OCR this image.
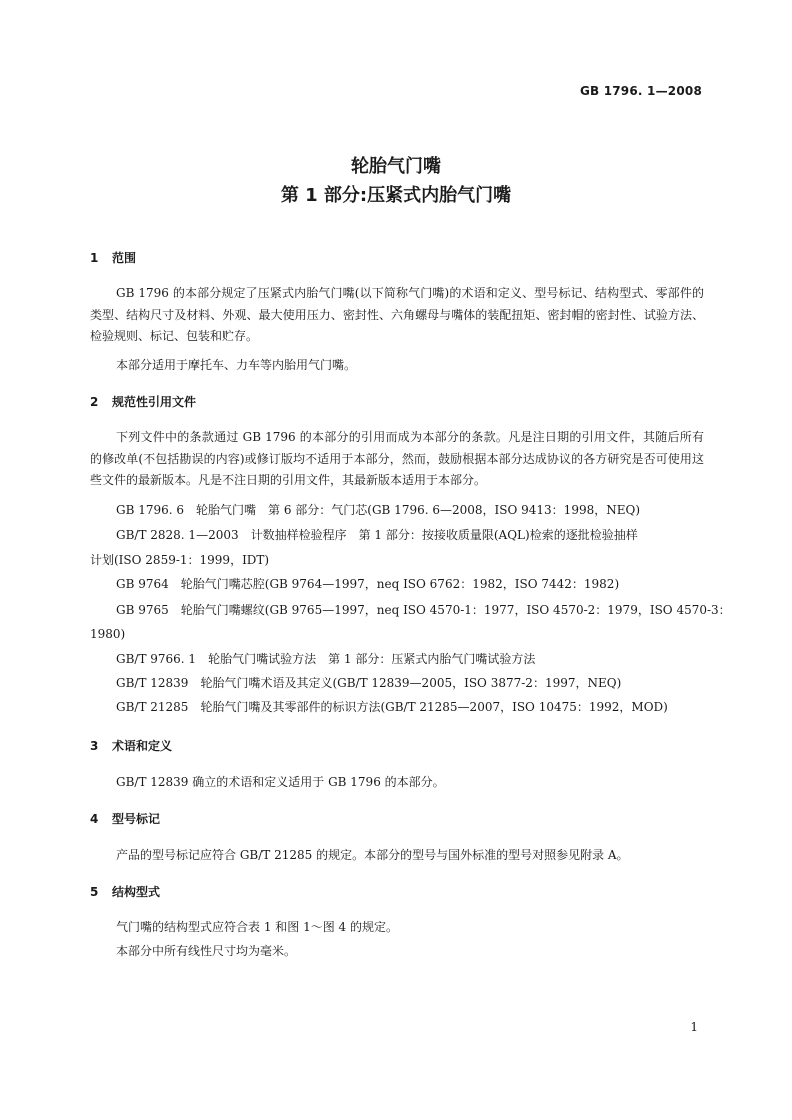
GB 1796. 1—2008
轮胎气门嘴
第 1 部分:压紧式内胎气门嘴
1 范围

GB 1796 的本部分规定了压紧式内胎气门嘴(以下简称气门嘴)的术语和定义、型号标记、结构型式、零部件的类型、结构尺寸及材料、外观、最大使用压力、密封性、六角螺母与嘴体的装配扭矩、密封帽的密封性、试验方法、检验规则、标记、包装和贮存。

本部分适用于摩托车、力车等内胎用气门嘴。
2 规范性引用文件

下列文件中的条款通过 GB 1796 的本部分的引用而成为本部分的条款。凡是注日期的引用文件，其随后所有的修改单(不包括勘误的内容)或修订版均不适用于本部分，然而，鼓励根据本部分达成协议的各方研究是否可使用这些文件的最新版本。凡是不注日期的引用文件，其最新版本适用于本部分。

GB 1796. 6　轮胎气门嘴　第 6 部分：气门芯(GB 1796. 6—2008，ISO 9413：1998，NEQ)
GB/T 2828. 1—2003　计数抽样检验程序　第 1 部分：按接收质量限(AQL)检索的逐批检验抽样
计划(ISO 2859-1：1999，IDT)
GB 9764　轮胎气门嘴芯腔(GB 9764—1997，neq ISO 6762：1982，ISO 7442：1982)
GB 9765　轮胎气门嘴螺纹(GB 9765—1997，neq ISO 4570-1：1977，ISO 4570-2：1979，ISO 4570-3：
1980)
GB/T 9766. 1　轮胎气门嘴试验方法　第 1 部分：压紧式内胎气门嘴试验方法
GB/T 12839　轮胎气门嘴术语及其定义(GB/T 12839—2005，ISO 3877-2：1997，NEQ)
GB/T 21285　轮胎气门嘴及其零部件的标识方法(GB/T 21285—2007，ISO 10475：1992，MOD)
3 术语和定义
GB/T 12839 确立的术语和定义适用于 GB 1796 的本部分。
4 型号标记
产品的型号标记应符合 GB/T 21285 的规定。本部分的型号与国外标准的型号对照参见附录 A。
5 结构型式
气门嘴的结构型式应符合表 1 和图 1～图 4 的规定。
本部分中所有线性尺寸均为毫米。
1
